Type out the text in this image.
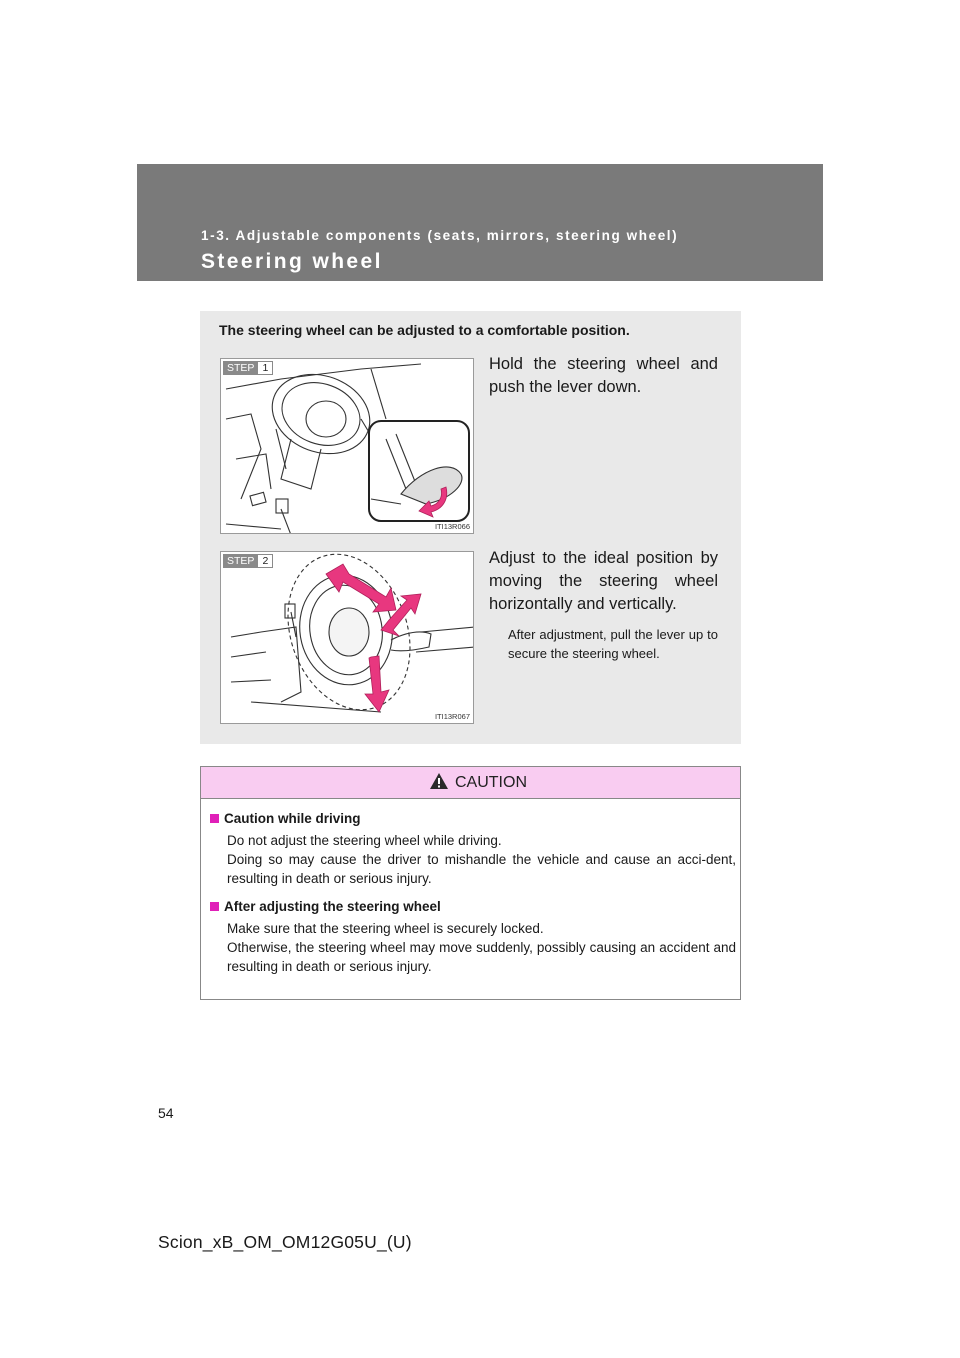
1-3. Adjustable components (seats, mirrors, steering wheel)
Steering wheel
The steering wheel can be adjusted to a comfortable position.
STEP 1
ITI13R066
Hold the steering wheel and push the lever down.
STEP 2
ITI13R067
Adjust to the ideal position by moving the steering wheel horizontally and vertically.
After adjustment, pull the lever up to secure the steering wheel.
CAUTION
Caution while driving

Do not adjust the steering wheel while driving.
Doing so may cause the driver to mishandle the vehicle and cause an acci-dent, resulting in death or serious injury.

After adjusting the steering wheel

Make sure that the steering wheel is securely locked.
Otherwise, the steering wheel may move suddenly, possibly causing an accident and resulting in death or serious injury.

54
Scion_xB_OM_OM12G05U_(U)
